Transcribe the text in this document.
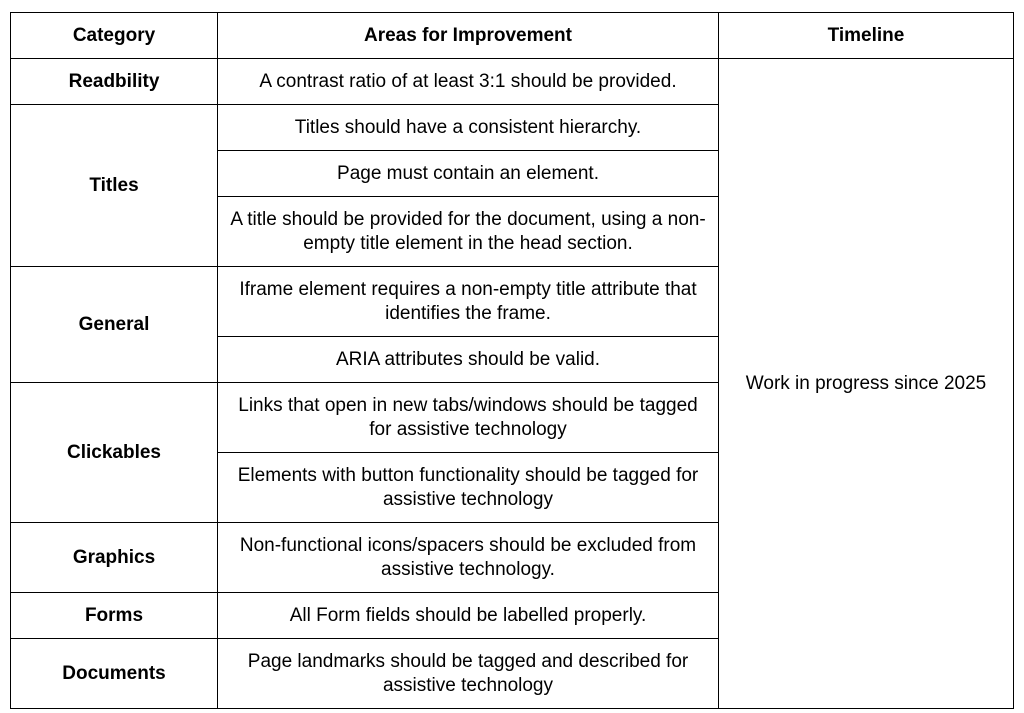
Category	Areas for Improvement	Timeline
Readbility	A contrast ratio of at least 3:1 should be provided.	Work in progress since 2025
Titles	Titles should have a consistent hierarchy.	
	Page must contain an element.	
	A title should be provided for the document, using a non-empty title element in the head section.	
General	Iframe element requires a non-empty title attribute that identifies the frame.	
	ARIA attributes should be valid.	
Clickables	Links that open in new tabs/windows should be tagged for assistive technology	
	Elements with button functionality should be tagged for assistive technology	
Graphics	Non-functional icons/spacers should be excluded from assistive technology.	
Forms	All Form fields should be labelled properly.	
Documents	Page landmarks should be tagged and described for assistive technology	
